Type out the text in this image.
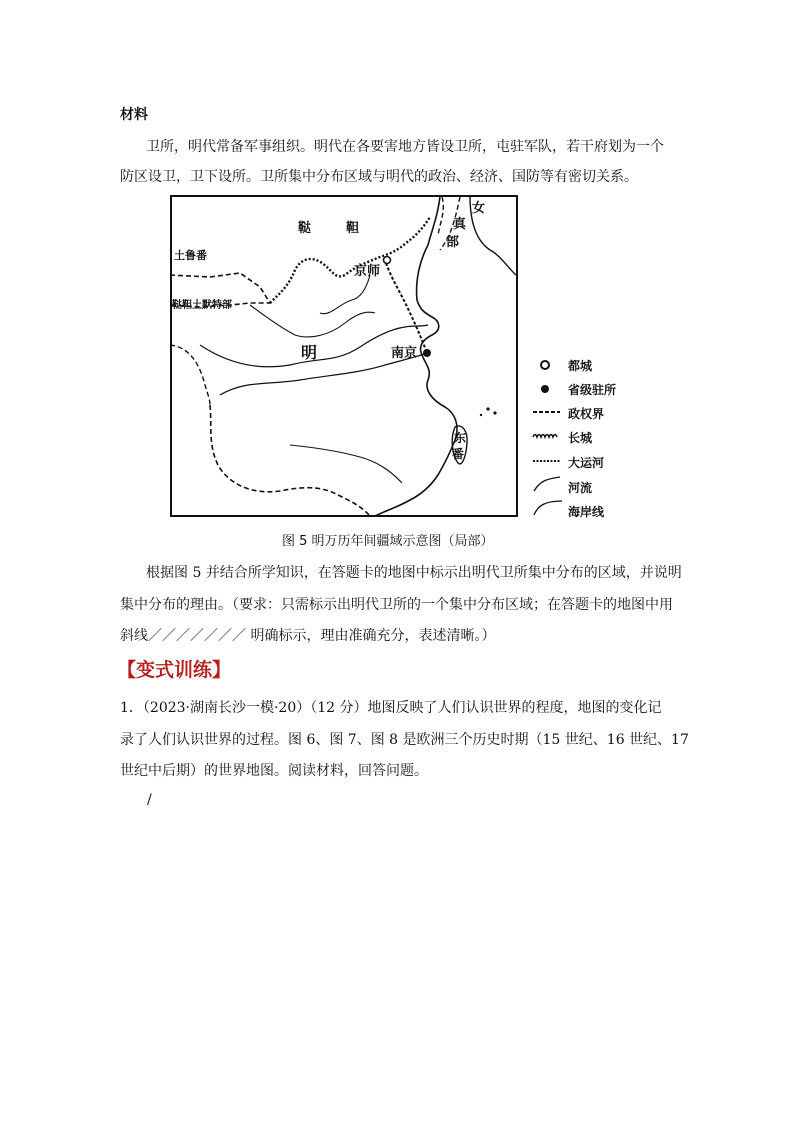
材料
卫所，明代常备军事组织。明代在各要害地方皆设卫所，屯驻军队，若干府划为一个
防区设卫，卫下设所。卫所集中分布区域与明代的政治、经济、国防等有密切关系。
鞑	靼
女
真
部
土鲁番
鞑靼土默特部
京师
明	南京
东
番
都城
省级驻所
政权界
长城
大运河
河流
海岸线
图 5 明万历年间疆域示意图（局部）
根据图 5 并结合所学知识，在答题卡的地图中标示出明代卫所集中分布的区域，并说明
集中分布的理由。（要求：只需标示出明代卫所的一个集中分布区域；在答题卡的地图中用
斜线／／／／／／／ 明确标示，理由准确充分，表述清晰。）
【变式训练】
1．（2023·湖南长沙一模·20）（12 分）地图反映了人们认识世界的程度，地图的变化记
录了人们认识世界的过程。图 6、图 7、图 8 是欧洲三个历史时期（15 世纪、16 世纪、17
世纪中后期）的世界地图。阅读材料，回答问题。
/
